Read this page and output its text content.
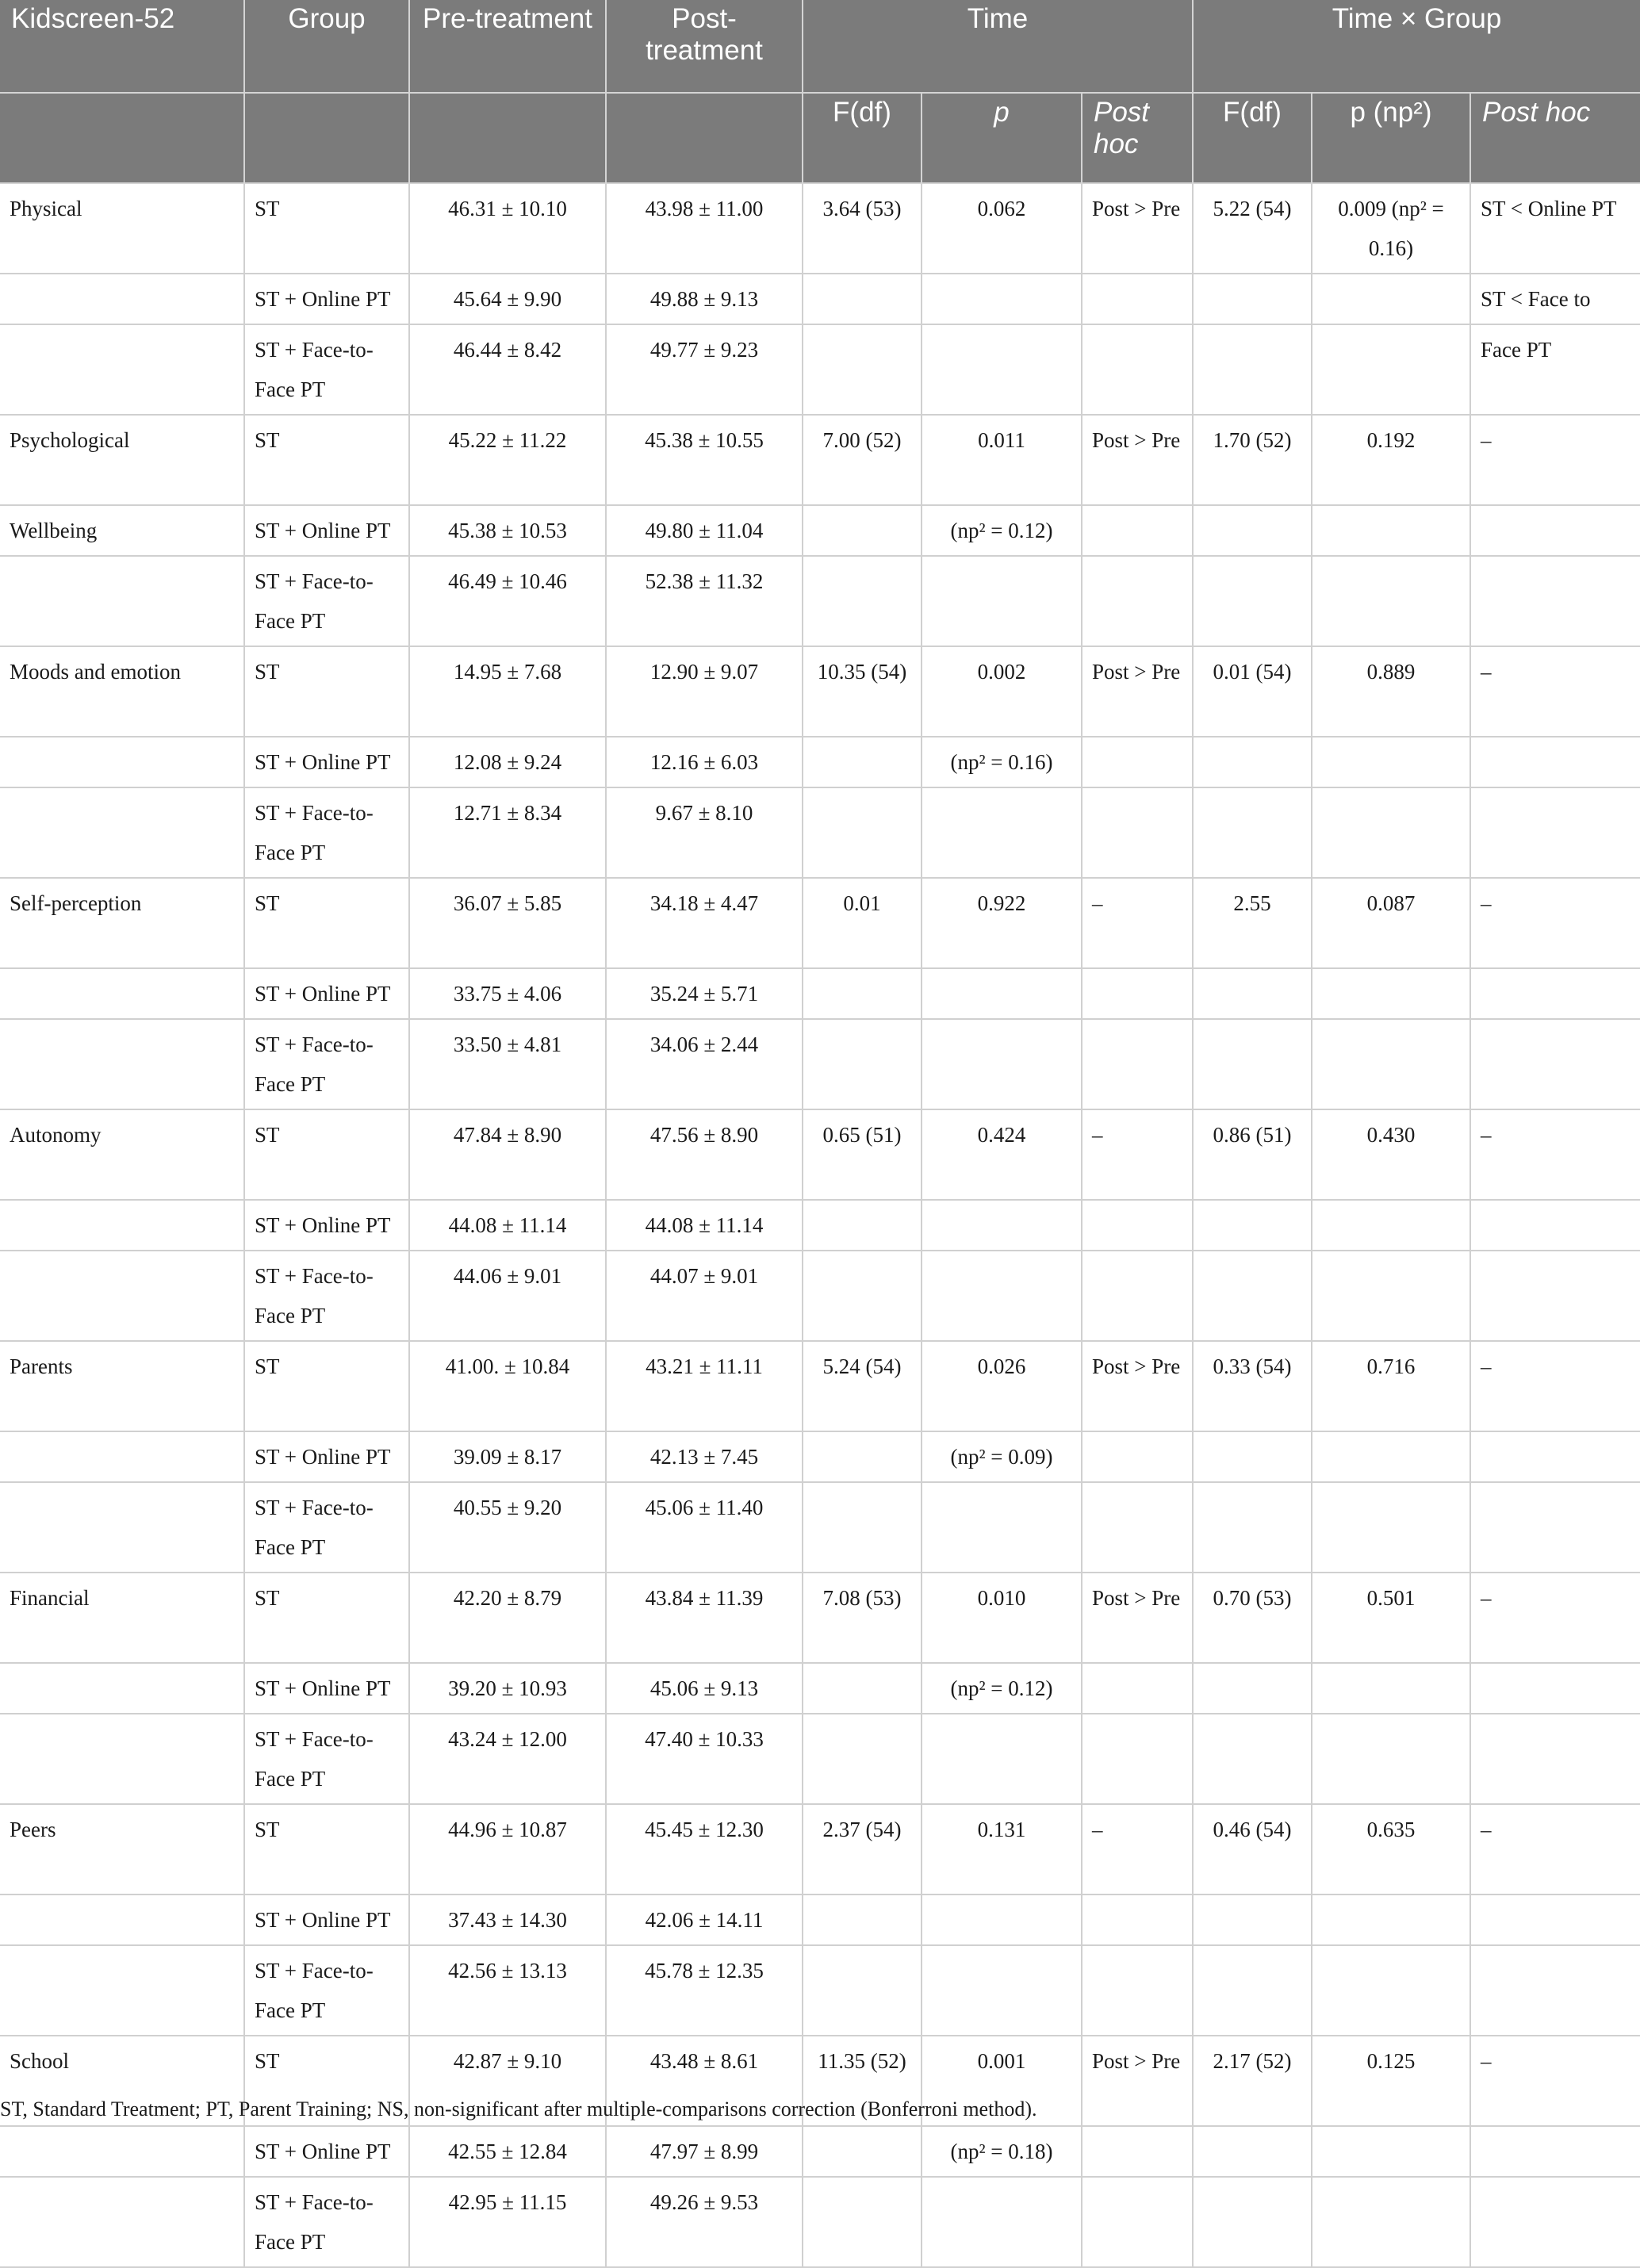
Kidscreen-52	Group	Pre-treatment	Post-treatment	Time			Time × Group		
				F(df)	p	Post hoc	F(df)	p (np²)	Post hoc
Physical	ST	46.31 ± 10.10	43.98 ± 11.00	3.64 (53)	0.062	Post > Pre	5.22 (54)	0.009 (np² = 0.16)	ST < Online PT
	ST + Online PT	45.64 ± 9.90	49.88 ± 9.13						ST < Face to
	ST + Face-to-Face PT	46.44 ± 8.42	49.77 ± 9.23						Face PT
Psychological	ST	45.22 ± 11.22	45.38 ± 10.55	7.00 (52)	0.011	Post > Pre	1.70 (52)	0.192	–
Wellbeing	ST + Online PT	45.38 ± 10.53	49.80 ± 11.04		(np² = 0.12)				
	ST + Face-to-Face PT	46.49 ± 10.46	52.38 ± 11.32						
Moods and emotion	ST	14.95 ± 7.68	12.90 ± 9.07	10.35 (54)	0.002	Post > Pre	0.01 (54)	0.889	–
	ST + Online PT	12.08 ± 9.24	12.16 ± 6.03		(np² = 0.16)				
	ST + Face-to-Face PT	12.71 ± 8.34	9.67 ± 8.10						
Self-perception	ST	36.07 ± 5.85	34.18 ± 4.47	0.01	0.922	–	2.55	0.087	–
	ST + Online PT	33.75 ± 4.06	35.24 ± 5.71						
	ST + Face-to-Face PT	33.50 ± 4.81	34.06 ± 2.44						
Autonomy	ST	47.84 ± 8.90	47.56 ± 8.90	0.65 (51)	0.424	–	0.86 (51)	0.430	–
	ST + Online PT	44.08 ± 11.14	44.08 ± 11.14						
	ST + Face-to-Face PT	44.06 ± 9.01	44.07 ± 9.01						
Parents	ST	41.00. ± 10.84	43.21 ± 11.11	5.24 (54)	0.026	Post > Pre	0.33 (54)	0.716	–
	ST + Online PT	39.09 ± 8.17	42.13 ± 7.45		(np² = 0.09)				
	ST + Face-to-Face PT	40.55 ± 9.20	45.06 ± 11.40						
Financial	ST	42.20 ± 8.79	43.84 ± 11.39	7.08 (53)	0.010	Post > Pre	0.70 (53)	0.501	–
	ST + Online PT	39.20 ± 10.93	45.06 ± 9.13		(np² = 0.12)				
	ST + Face-to-Face PT	43.24 ± 12.00	47.40 ± 10.33						
Peers	ST	44.96 ± 10.87	45.45 ± 12.30	2.37 (54)	0.131	–	0.46 (54)	0.635	–
	ST + Online PT	37.43 ± 14.30	42.06 ± 14.11						
	ST + Face-to-Face PT	42.56 ± 13.13	45.78 ± 12.35						
School	ST	42.87 ± 9.10	43.48 ± 8.61	11.35 (52)	0.001	Post > Pre	2.17 (52)	0.125	–
	ST + Online PT	42.55 ± 12.84	47.97 ± 8.99		(np² = 0.18)				
	ST + Face-to-Face PT	42.95 ± 11.15	49.26 ± 9.53						
ST, Standard Treatment; PT, Parent Training; NS, non-significant after multiple-comparisons correction (Bonferroni method).
